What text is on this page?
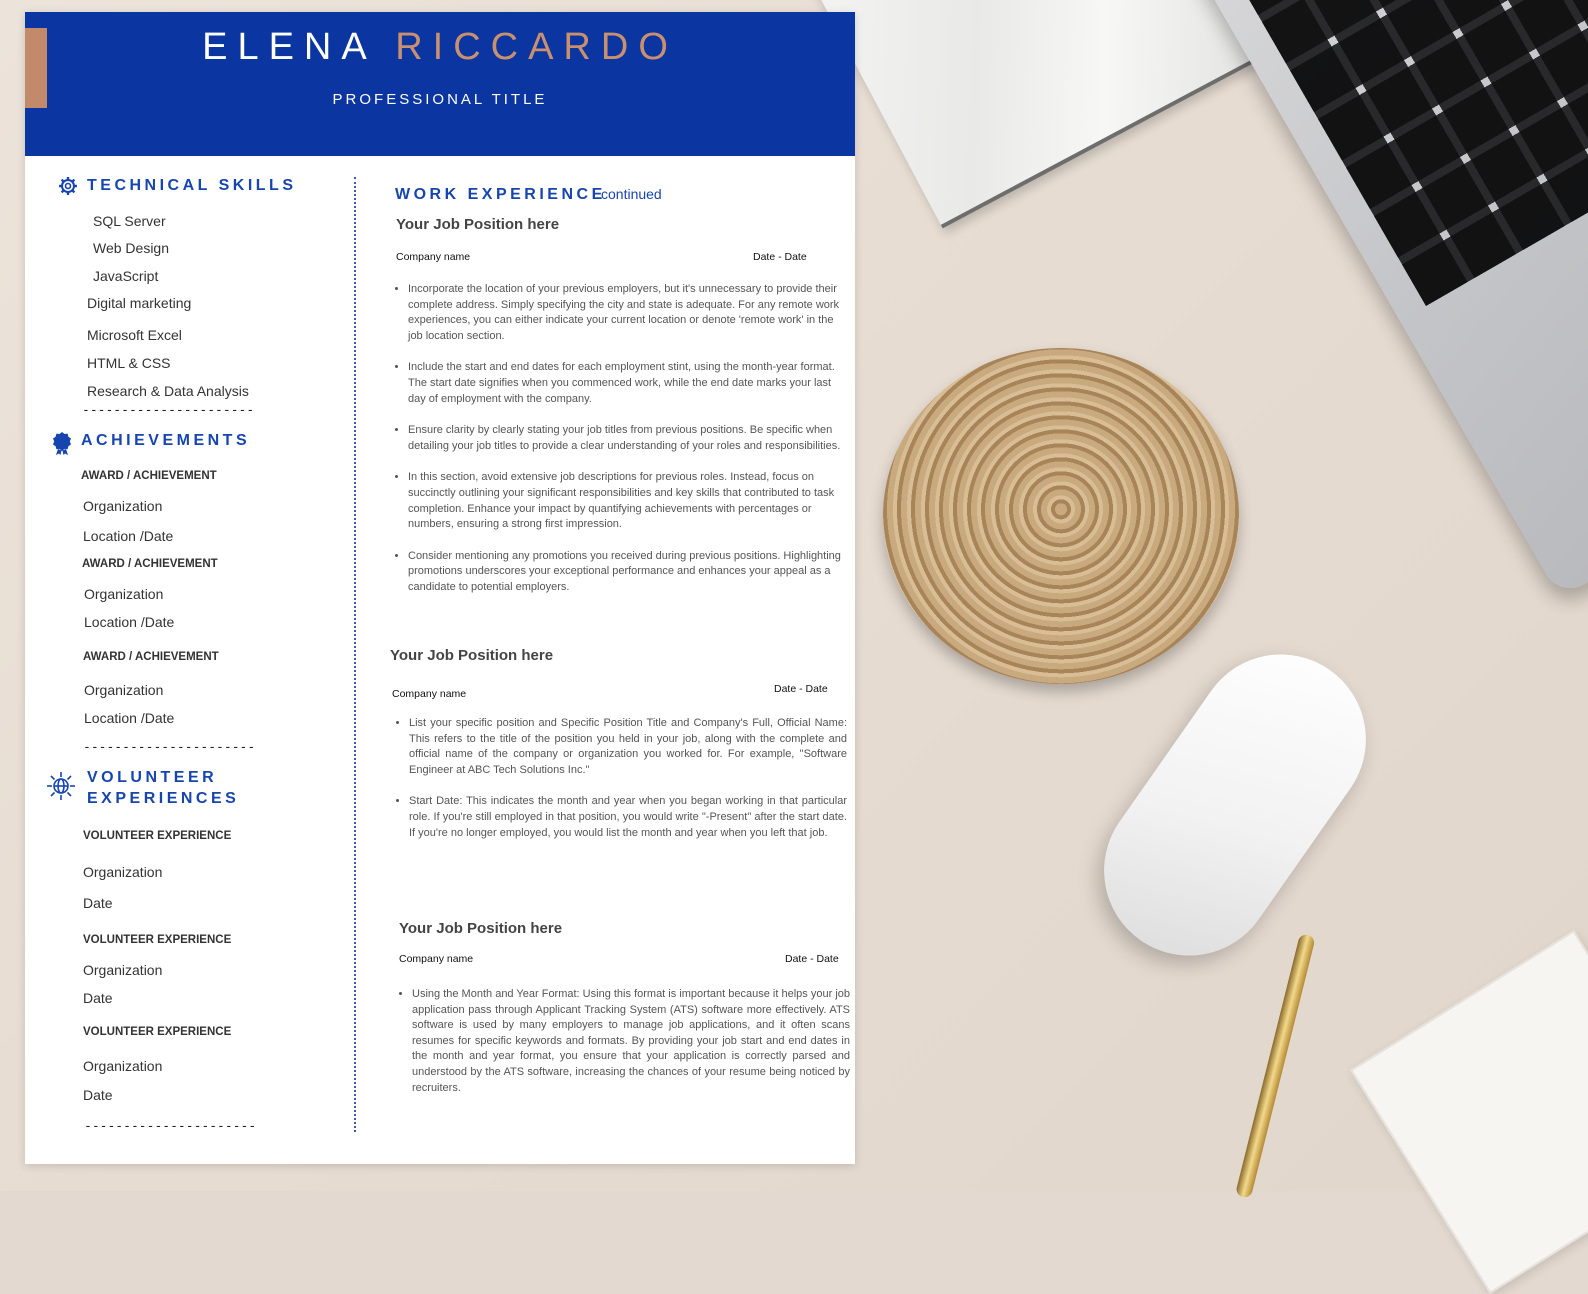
ELENA RICCARDO
PROFESSIONAL TITLE
TECHNICAL SKILLS
SQL Server
Web Design
JavaScript
Digital marketing
Microsoft Excel
HTML & CSS
Research & Data Analysis
----------------------
ACHIEVEMENTS
AWARD / ACHIEVEMENT
Organization
Location /Date
AWARD / ACHIEVEMENT
Organization
Location /Date
AWARD / ACHIEVEMENT
Organization
Location /Date
----------------------
VOLUNTEER
EXPERIENCES
VOLUNTEER EXPERIENCE
Organization
Date
VOLUNTEER EXPERIENCE
Organization
Date
VOLUNTEER EXPERIENCE
Organization
Date
----------------------
WORK EXPERIENCE
continued
Your Job Position here
Company name	Date - Date
• Incorporate the location of your previous employers, but it's unnecessary to provide their complete address. Simply specifying the city and state is adequate. For any remote work experiences, you can either indicate your current location or denote 'remote work' in the job location section.
• Include the start and end dates for each employment stint, using the month-year format. The start date signifies when you commenced work, while the end date marks your last day of employment with the company.
• Ensure clarity by clearly stating your job titles from previous positions. Be specific when detailing your job titles to provide a clear understanding of your roles and responsibilities.
• In this section, avoid extensive job descriptions for previous roles. Instead, focus on succinctly outlining your significant responsibilities and key skills that contributed to task completion. Enhance your impact by quantifying achievements with percentages or numbers, ensuring a strong first impression.
• Consider mentioning any promotions you received during previous positions. Highlighting promotions underscores your exceptional performance and enhances your appeal as a candidate to potential employers.
Your Job Position here
Company name	Date - Date
• List your specific position and Specific Position Title and Company's Full, Official Name: This refers to the title of the position you held in your job, along with the complete and official name of the company or organization you worked for. For example, "Software Engineer at ABC Tech Solutions Inc."
• Start Date: This indicates the month and year when you began working in that particular role. If you're still employed in that position, you would write "-Present" after the start date. If you're no longer employed, you would list the month and year when you left that job.
Your Job Position here
Company name	Date - Date
• Using the Month and Year Format: Using this format is important because it helps your job application pass through Applicant Tracking System (ATS) software more effectively. ATS software is used by many employers to manage job applications, and it often scans resumes for specific keywords and formats. By providing your job start and end dates in the month and year format, you ensure that your application is correctly parsed and understood by the ATS software, increasing the chances of your resume being noticed by recruiters.
